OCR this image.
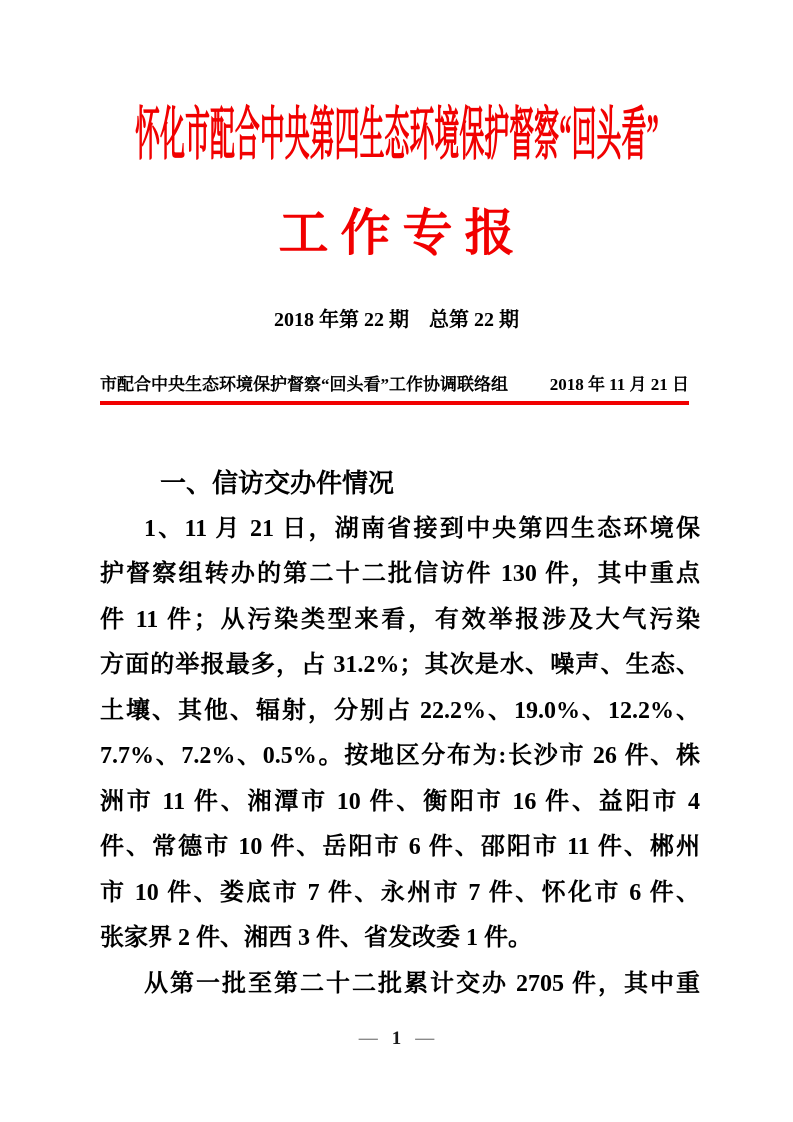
怀化市配合中央第四生态环境保护督察“回头看”
工作专报
2018 年第 22 期　总第 22 期
市配合中央生态环境保护督察“回头看”工作协调联络组 2018 年 11 月 21 日
一、信访交办件情况
1、11 月 21 日，湖南省接到中央第四生态环境保
护督察组转办的第二十二批信访件 130 件，其中重点
件 11 件；从污染类型来看，有效举报涉及大气污染
方面的举报最多，占 31.2%；其次是水、噪声、生态、
土壤、其他、辐射，分别占 22.2%、19.0%、12.2%、
7.7%、7.2%、0.5%。按地区分布为:长沙市 26 件、株
洲市 11 件、湘潭市 10 件、衡阳市 16 件、益阳市 4
件、常德市 10 件、岳阳市 6 件、邵阳市 11 件、郴州
市 10 件、娄底市 7 件、永州市 7 件、怀化市 6 件、
张家界 2 件、湘西 3 件、省发改委 1 件。
从第一批至第二十二批累计交办 2705 件，其中重
— 1 —
